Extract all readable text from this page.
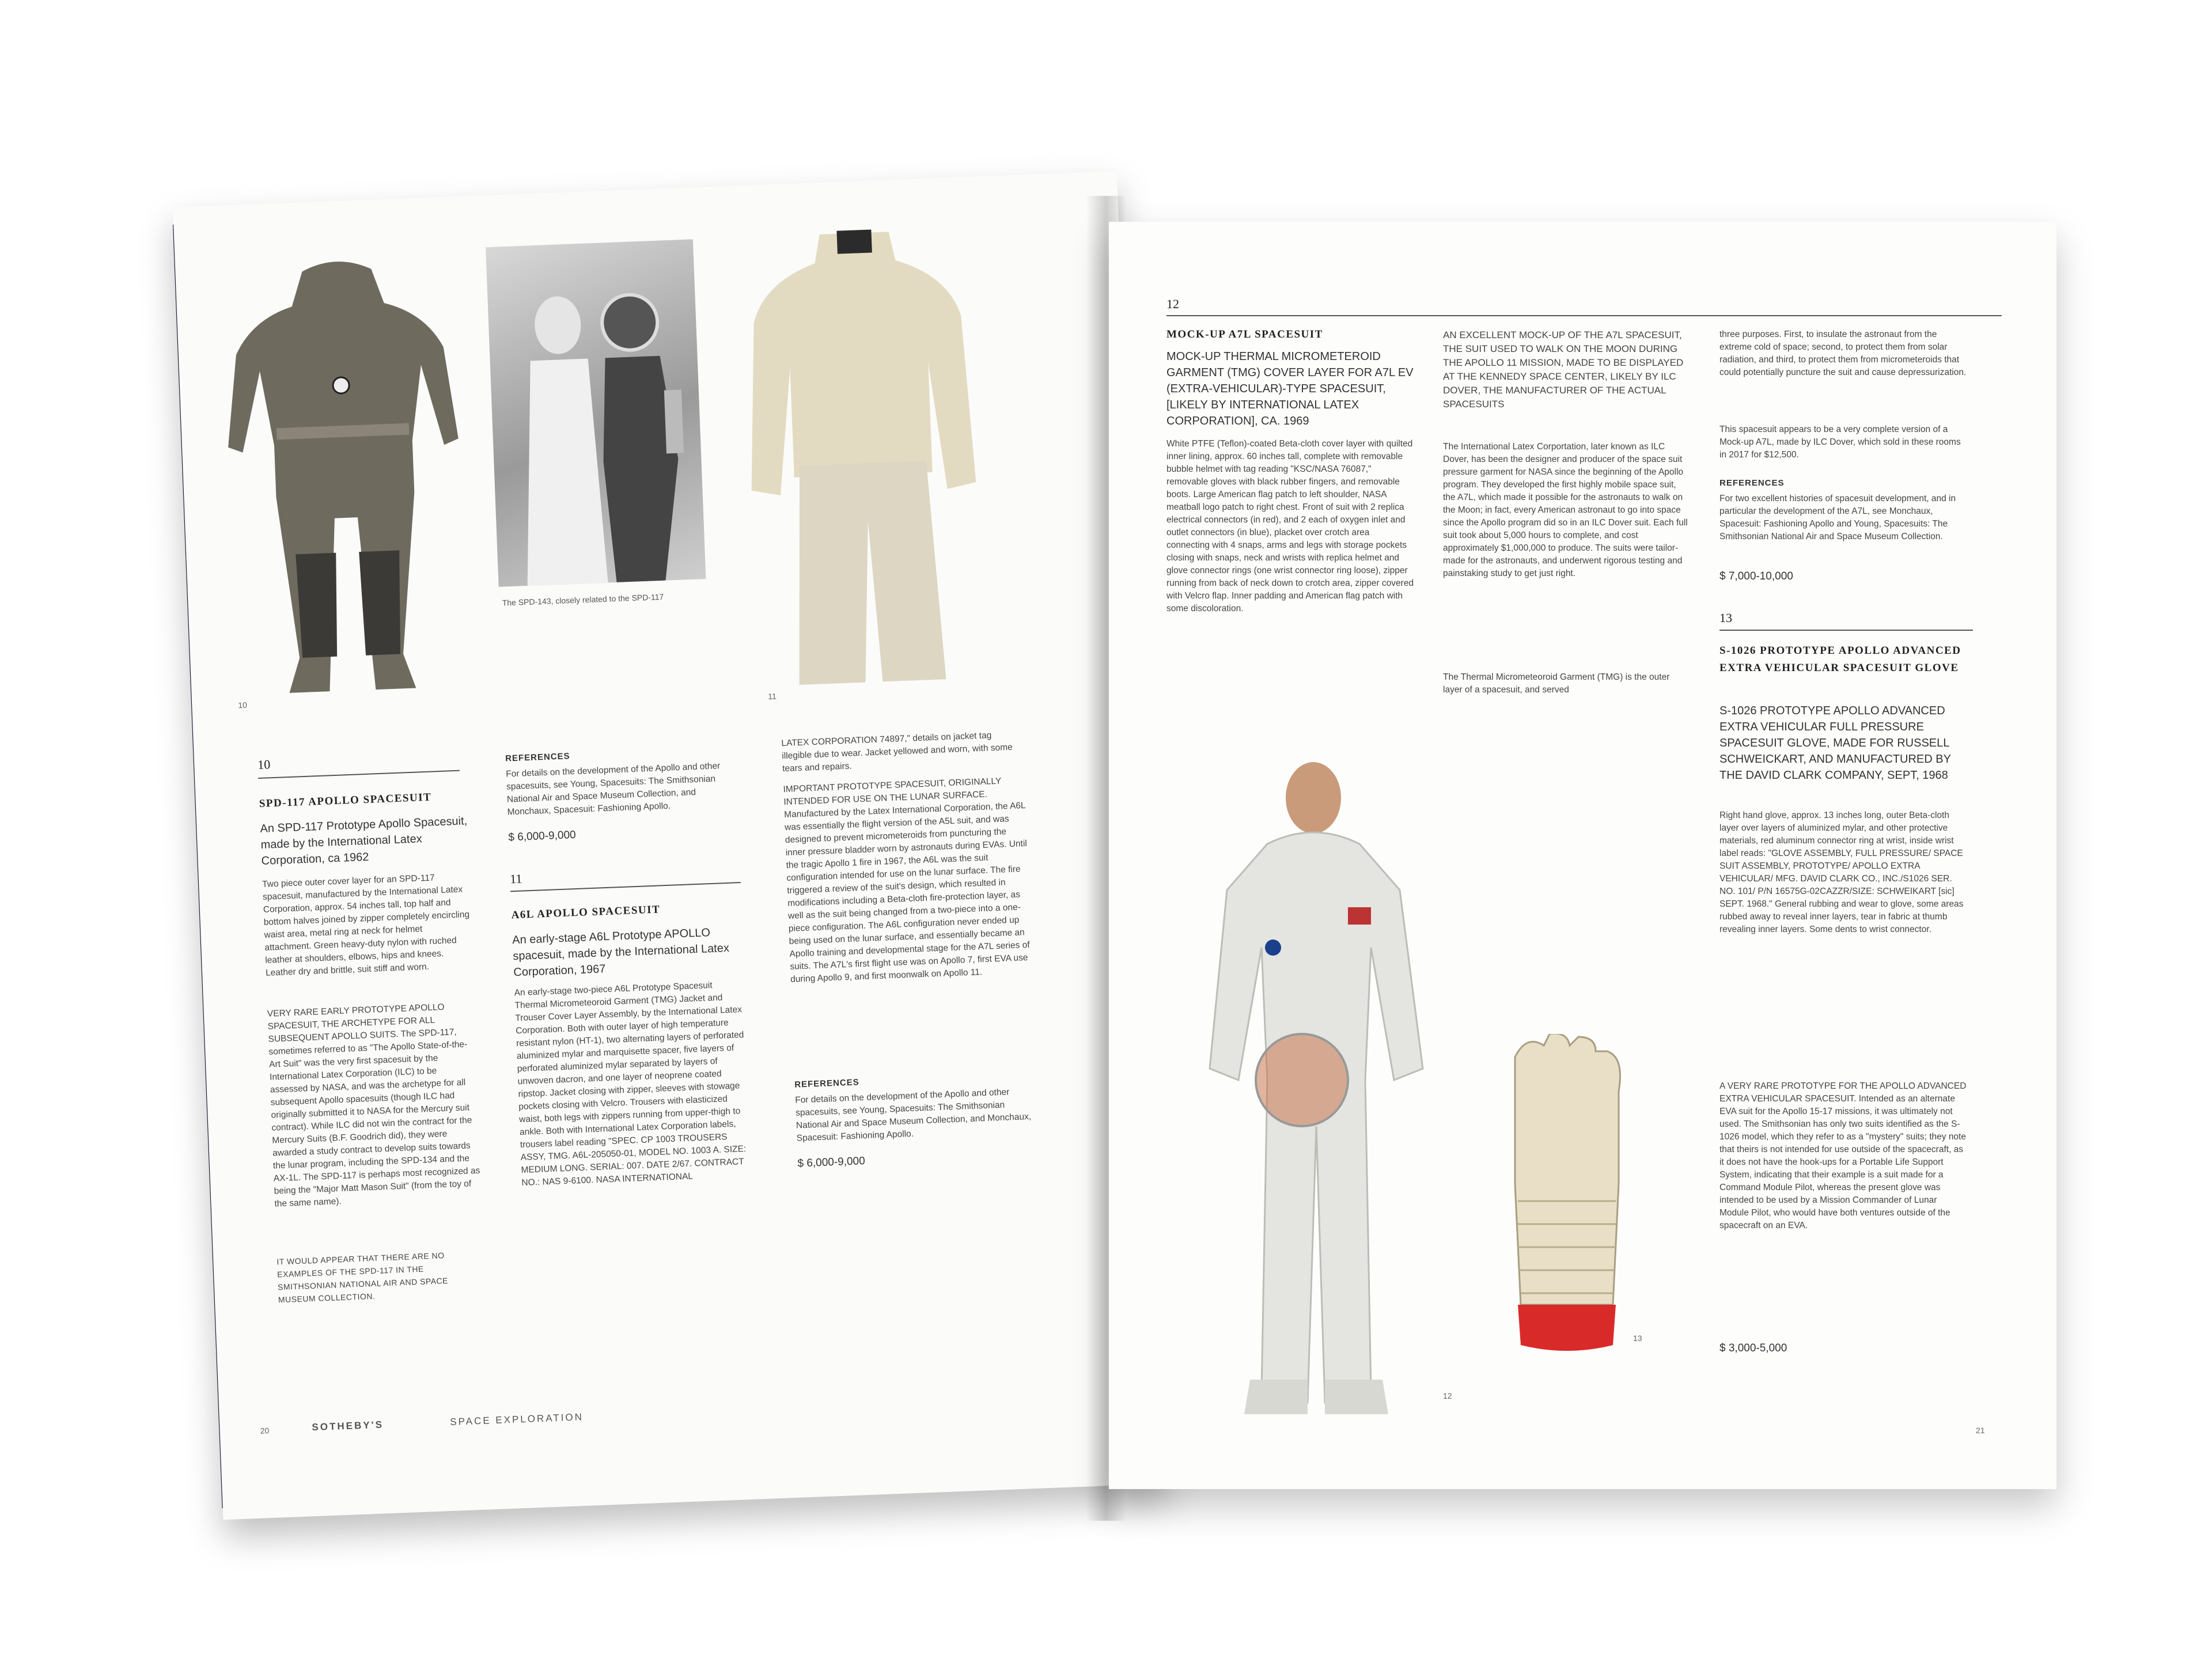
10
The SPD-143, closely related to the SPD-117
11
10
SPD-117 APOLLO SPACESUIT
An SPD-117 Prototype Apollo Spacesuit, made by the International Latex Corporation, ca 1962
Two piece outer cover layer for an SPD-117 spacesuit, manufactured by the International Latex Corporation, approx. 54 inches tall, top half and bottom halves joined by zipper completely encircling waist area, metal ring at neck for helmet attachment. Green heavy-duty nylon with ruched leather at shoulders, elbows, hips and knees. Leather dry and brittle, suit stiff and worn.
VERY RARE EARLY PROTOTYPE APOLLO SPACESUIT, THE ARCHETYPE FOR ALL SUBSEQUENT APOLLO SUITS. The SPD-117, sometimes referred to as "The Apollo State-of-the-Art Suit" was the very first spacesuit by the International Latex Corporation (ILC) to be assessed by NASA, and was the archetype for all subsequent Apollo spacesuits (though ILC had originally submitted it to NASA for the Mercury suit contract). While ILC did not win the contract for the Mercury Suits (B.F. Goodrich did), they were awarded a study contract to develop suits towards the lunar program, including the SPD-134 and the AX-1L. The SPD-117 is perhaps most recognized as being the "Major Matt Mason Suit" (from the toy of the same name).
IT WOULD APPEAR THAT THERE ARE NO EXAMPLES OF THE SPD-117 IN THE SMITHSONIAN NATIONAL AIR AND SPACE MUSEUM COLLECTION.
REFERENCES
For details on the development of the Apollo and other spacesuits, see Young, Spacesuits: The Smithsonian National Air and Space Museum Collection, and Monchaux, Spacesuit: Fashioning Apollo.
$ 6,000-9,000
11
A6L APOLLO SPACESUIT
An early-stage A6L Prototype APOLLO spacesuit, made by the International Latex Corporation, 1967
An early-stage two-piece A6L Prototype Spacesuit Thermal Micrometeoroid Garment (TMG) Jacket and Trouser Cover Layer Assembly, by the International Latex Corporation. Both with outer layer of high temperature resistant nylon (HT-1), two alternating layers of perforated aluminized mylar and marquisette spacer, five layers of perforated aluminized mylar separated by layers of unwoven dacron, and one layer of neoprene coated ripstop. Jacket closing with zipper, sleeves with stowage pockets closing with Velcro. Trousers with elasticized waist, both legs with zippers running from upper-thigh to ankle. Both with International Latex Corporation labels, trousers label reading "SPEC. CP 1003 TROUSERS ASSY, TMG. A6L-205050-01, MODEL NO. 1003 A. SIZE: MEDIUM LONG. SERIAL: 007. DATE 2/67. CONTRACT NO.: NAS 9-6100. NASA INTERNATIONAL
LATEX CORPORATION 74897," details on jacket tag illegible due to wear. Jacket yellowed and worn, with some tears and repairs.
IMPORTANT PROTOTYPE SPACESUIT, ORIGINALLY INTENDED FOR USE ON THE LUNAR SURFACE. Manufactured by the Latex International Corporation, the A6L was essentially the flight version of the A5L suit, and was designed to prevent micrometeroids from puncturing the inner pressure bladder worn by astronauts during EVAs. Until the tragic Apollo 1 fire in 1967, the A6L was the suit configuration intended for use on the lunar surface. The fire triggered a review of the suit's design, which resulted in modifications including a Beta-cloth fire-protection layer, as well as the suit being changed from a two-piece into a one-piece configuration. The A6L configuration never ended up being used on the lunar surface, and essentially became an Apollo training and developmental stage for the A7L series of suits. The A7L's first flight use was on Apollo 7, first EVA use during Apollo 9, and first moonwalk on Apollo 11.
REFERENCES
For details on the development of the Apollo and other spacesuits, see Young, Spacesuits: The Smithsonian National Air and Space Museum Collection, and Monchaux, Spacesuit: Fashioning Apollo.
$ 6,000-9,000
20	SOTHEBY'S	SPACE EXPLORATION
12
MOCK-UP A7L SPACESUIT
MOCK-UP THERMAL MICROMETEROID GARMENT (TMG) COVER LAYER FOR A7L EV (EXTRA-VEHICULAR)-TYPE SPACESUIT, [LIKELY BY INTERNATIONAL LATEX CORPORATION], CA. 1969
White PTFE (Teflon)-coated Beta-cloth cover layer with quilted inner lining, approx. 60 inches tall, complete with removable bubble helmet with tag reading "KSC/NASA 76087," removable gloves with black rubber fingers, and removable boots. Large American flag patch to left shoulder, NASA meatball logo patch to right chest. Front of suit with 2 replica electrical connectors (in red), and 2 each of oxygen inlet and outlet connectors (in blue), placket over crotch area connecting with 4 snaps, arms and legs with storage pockets closing with snaps, neck and wrists with replica helmet and glove connector rings (one wrist connector ring loose), zipper running from back of neck down to crotch area, zipper covered with Velcro flap. Inner padding and American flag patch with some discoloration.
AN EXCELLENT MOCK-UP OF THE A7L SPACESUIT, THE SUIT USED TO WALK ON THE MOON DURING THE APOLLO 11 MISSION, MADE TO BE DISPLAYED AT THE KENNEDY SPACE CENTER, LIKELY BY ILC DOVER, THE MANUFACTURER OF THE ACTUAL SPACESUITS
The International Latex Corportation, later known as ILC Dover, has been the designer and producer of the space suit pressure garment for NASA since the beginning of the Apollo program. They developed the first highly mobile space suit, the A7L, which made it possible for the astronauts to walk on the Moon; in fact, every American astronaut to go into space since the Apollo program did so in an ILC Dover suit. Each full suit took about 5,000 hours to complete, and cost approximately $1,000,000 to produce. The suits were tailor-made for the astronauts, and underwent rigorous testing and painstaking study to get just right.
The Thermal Micrometeoroid Garment (TMG) is the outer layer of a spacesuit, and served
three purposes. First, to insulate the astronaut from the extreme cold of space; second, to protect them from solar radiation, and third, to protect them from micrometeroids that could potentially puncture the suit and cause depressurization.
This spacesuit appears to be a very complete version of a Mock-up A7L, made by ILC Dover, which sold in these rooms in 2017 for $12,500.
REFERENCES
For two excellent histories of spacesuit development, and in particular the development of the A7L, see Monchaux, Spacesuit: Fashioning Apollo and Young, Spacesuits: The Smithsonian National Air and Space Museum Collection.
$ 7,000-10,000
13
S-1026 PROTOTYPE APOLLO ADVANCED EXTRA VEHICULAR SPACESUIT GLOVE
S-1026 PROTOTYPE APOLLO ADVANCED EXTRA VEHICULAR FULL PRESSURE SPACESUIT GLOVE, MADE FOR RUSSELL SCHWEICKART, AND MANUFACTURED BY THE DAVID CLARK COMPANY, SEPT, 1968
Right hand glove, approx. 13 inches long, outer Beta-cloth layer over layers of aluminized mylar, and other protective materials, red aluminum connector ring at wrist, inside wrist label reads: "GLOVE ASSEMBLY, FULL PRESSURE/ SPACE SUIT ASSEMBLY, PROTOTYPE/ APOLLO EXTRA VEHICULAR/ MFG. DAVID CLARK CO., INC./S1026 SER. NO. 101/ P/N 16575G-02CAZZR/SIZE: SCHWEIKART [sic] SEPT. 1968." General rubbing and wear to glove, some areas rubbed away to reveal inner layers, tear in fabric at thumb revealing inner layers. Some dents to wrist connector.
A VERY RARE PROTOTYPE FOR THE APOLLO ADVANCED EXTRA VEHICULAR SPACESUIT. Intended as an alternate EVA suit for the Apollo 15-17 missions, it was ultimately not used. The Smithsonian has only two suits identified as the S-1026 model, which they refer to as a "mystery" suits; they note that theirs is not intended for use outside of the spacecraft, as it does not have the hook-ups for a Portable Life Support System, indicating that their example is a suit made for a Command Module Pilot, whereas the present glove was intended to be used by a Mission Commander of Lunar Module Pilot, who would have both ventures outside of the spacecraft on an EVA.
$ 3,000-5,000
12
13
21
